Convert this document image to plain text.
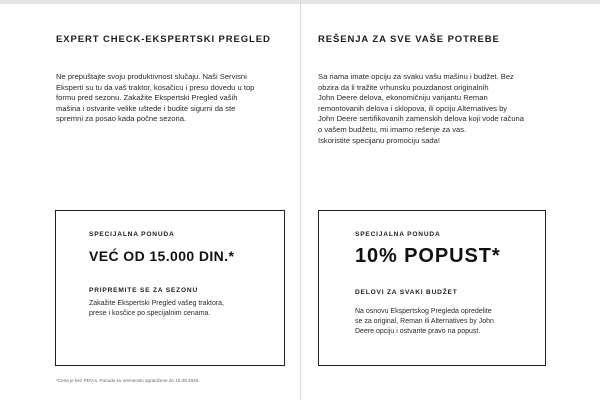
EXPERT CHECK-EKSPERTSKI PREGLED
Ne prepuštajte svoju produktivnost slučaju. Naši Servisni
Eksperti su tu da vaš traktor, kosačicu i presu dovedu u top
formu pred sezonu. Zakažite Ekspertski Pregled vaših
mašina i ostvarite velike uštede i budite sigurni da ste
spremni za posao kada počne sezona.
SPECIJALNA PONUDA
VEĆ OD 15.000 DIN.*
PRIPREMITE SE ZA SEZONU
Zakažite Ekspertski Pregled vašeg traktora,
prese i kosčice po specijalnim cenama.
*Cena je bez PDV-a. Ponude su vremenski ograničene do 15.08.2025.
REŠENJA ZA SVE VAŠE POTREBE
Sa nama imate opciju za svaku vašu mašinu i budžet. Bez
obzira da li tražite vrhunsku pouzdanost originalnih
John Deere delova, ekonomičniju varijantu Reman
remontovanih delova i sklopova, ili opciju Alternatives by
John Deere sertifikovanih zamenskih delova koji vode računa
o vašem budžetu, mi imamo rešenje za vas.
Iskoristite specijanu promociju sada!
SPECIJALNA PONUDA
10% POPUST*
DELOVI ZA SVAKI BUDŽET
Na osnovu Ekspertskog Pregleda opredelite
se za original, Reman ili Alternatives by John
Deere opciju i ostvarite pravo na popust.
